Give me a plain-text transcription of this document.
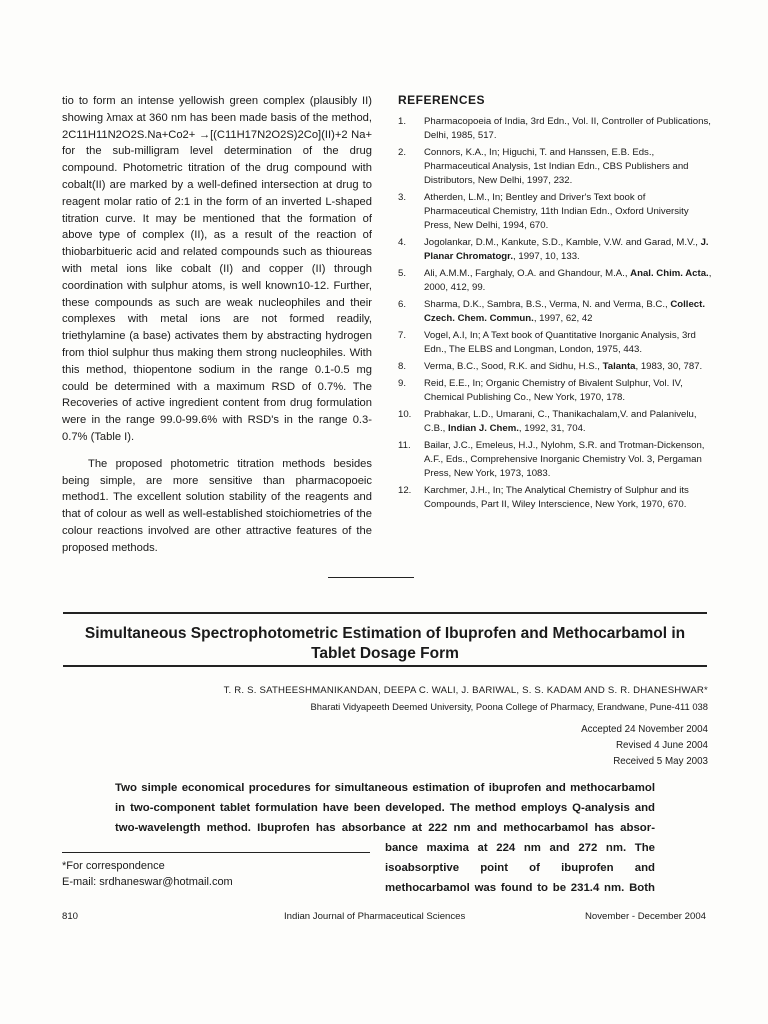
tio to form an intense yellowish green complex (plausibly II) showing λmax at 360 nm has been made basis of the method, 2C11H11N2O2S.Na+Co2+ →[(C11H17N2O2S)2Co](II)+2 Na+ for the sub-milligram level determination of the drug compound. Photometric titration of the drug compound with cobalt(II) are marked by a well-defined intersection at drug to reagent molar ratio of 2:1 in the form of an inverted L-shaped titration curve. It may be mentioned that the formation of above type of complex (II), as a result of the reaction of thiobarbitueric acid and related compounds such as thioureas with metal ions like cobalt (II) and copper (II) through coordination with sulphur atoms, is well known10-12. Further, these compounds as such are weak nucleophiles and their complexes with metal ions are not formed readily, triethylamine (a base) activates them by abstracting hydrogen from thiol sulphur thus making them strong nucleophiles. With this method, thiopentone sodium in the range 0.1-0.5 mg could be determined with a maximum RSD of 0.7%. The Recoveries of active ingredient content from drug formulation were in the range 99.0-99.6% with RSD's in the range 0.3-0.7% (Table I).

The proposed photometric titration methods besides being simple, are more sensitive than pharmacopoeic method1. The excellent solution stability of the reagents and that of colour as well as well-established stoichiometries of the colour reactions involved are other attractive features of the proposed methods.

REFERENCES
1.	Pharmacopoeia of India, 3rd Edn., Vol. II, Controller of Publications, Delhi, 1985, 517.
2.	Connors, K.A., In; Higuchi, T. and Hanssen, E.B. Eds., Pharmaceutical Analysis, 1st Indian Edn., CBS Publishers and Distributors, New Delhi, 1997, 232.
3.	Atherden, L.M., In; Bentley and Driver's Text book of Pharmaceutical Chemistry, 11th Indian Edn., Oxford University Press, New Delhi, 1994, 670.
4.	Jogolankar, D.M., Kankute, S.D., Kamble, V.W. and Garad, M.V., J. Planar Chromatogr., 1997, 10, 133.
5.	Ali, A.M.M., Farghaly, O.A. and Ghandour, M.A., Anal. Chim. Acta., 2000, 412, 99.
6.	Sharma, D.K., Sambra, B.S., Verma, N. and Verma, B.C., Collect. Czech. Chem. Commun., 1997, 62, 42
7.	Vogel, A.I, In; A Text book of Quantitative Inorganic Analysis, 3rd Edn., The ELBS and Longman, London, 1975, 443.
8.	Verma, B.C., Sood, R.K. and Sidhu, H.S., Talanta, 1983, 30, 787.
9.	Reid, E.E., In; Organic Chemistry of Bivalent Sulphur, Vol. IV, Chemical Publishing Co., New York, 1970, 178.
10.	Prabhakar, L.D., Umarani, C., Thanikachalam,V. and Palanivelu, C.B., Indian J. Chem., 1992, 31, 704.
11.	Bailar, J.C., Emeleus, H.J., Nylohm, S.R. and Trotman-Dickenson, A.F., Eds., Comprehensive Inorganic Chemistry Vol. 3, Pergaman Press, New York, 1973, 1083.
12.	Karchmer, J.H., In; The Analytical Chemistry of Sulphur and its Compounds, Part II, Wiley Interscience, New York, 1970, 670.
Simultaneous Spectrophotometric Estimation of Ibuprofen and Methocarbamol in Tablet Dosage Form
T. R. S. SATHEESHMANIKANDAN, DEEPA C. WALI, J. BARIWAL, S. S. KADAM AND S. R. DHANESHWAR*
Bharati Vidyapeeth Deemed University, Poona College of Pharmacy, Erandwane, Pune-411 038
Accepted 24 November 2004
Revised 4 June 2004
Received 5 May 2003
Two simple economical procedures for simultaneous estimation of ibuprofen and methocarbamol
in two-component tablet formulation have been developed. The method employs Q-analysis and
two-wavelength method. Ibuprofen has absorbance at 222 nm and methocarbamol has absor-
bance maxima at 224 nm and 272 nm. The
isoabsorptive point of ibuprofen and
methocarbamol was found to be 231.4 nm. Both
*For correspondence
E-mail: srdhaneswar@hotmail.com
810	Indian Journal of Pharmaceutical Sciences	November - December 2004
